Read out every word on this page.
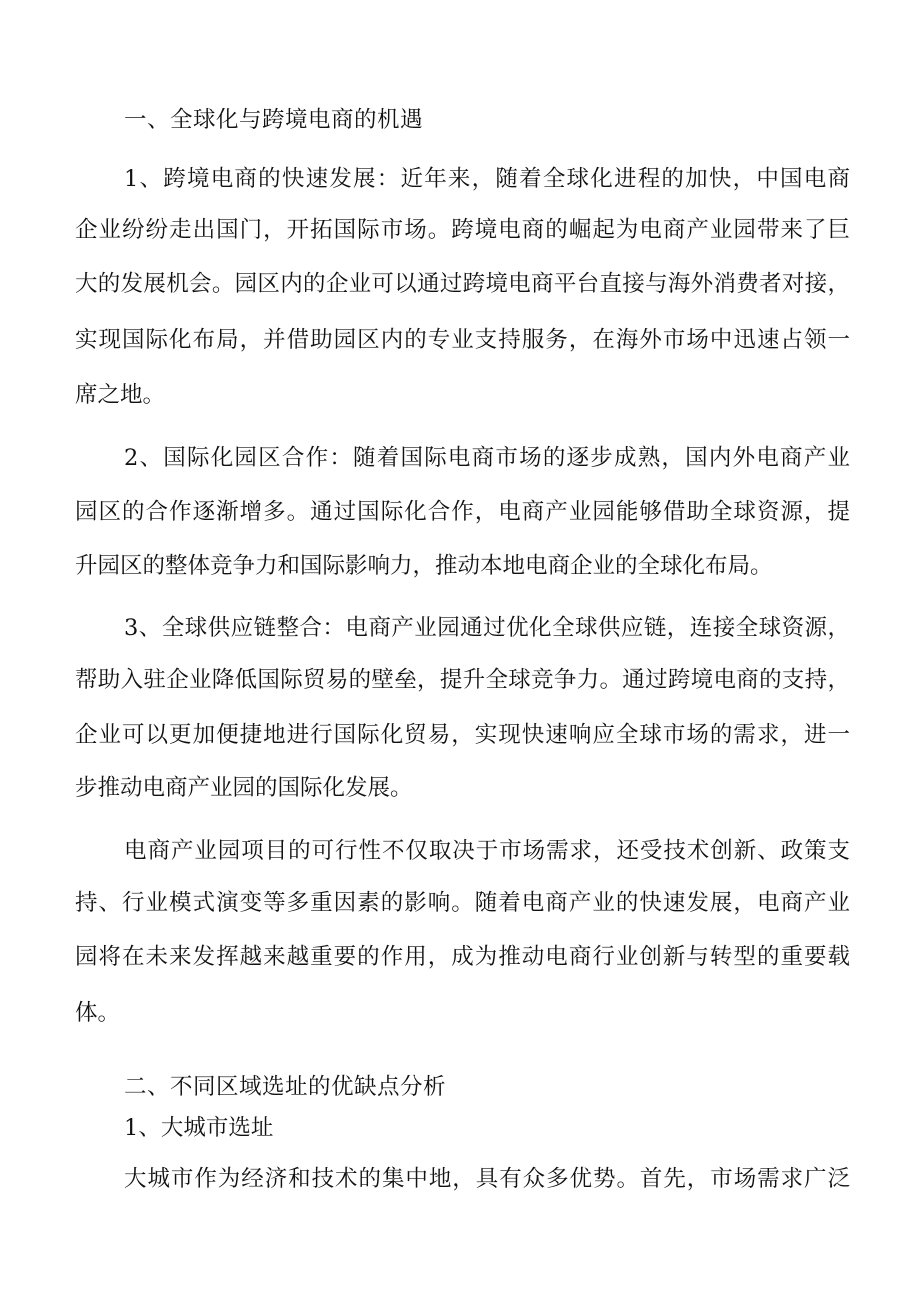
一、全球化与跨境电商的机遇
1、跨境电商的快速发展：近年来，随着全球化进程的加快，中国电商
企业纷纷走出国门，开拓国际市场。跨境电商的崛起为电商产业园带来了巨
大的发展机会。园区内的企业可以通过跨境电商平台直接与海外消费者对接，
实现国际化布局，并借助园区内的专业支持服务，在海外市场中迅速占领一
席之地。
2、国际化园区合作：随着国际电商市场的逐步成熟，国内外电商产业
园区的合作逐渐增多。通过国际化合作，电商产业园能够借助全球资源，提
升园区的整体竞争力和国际影响力，推动本地电商企业的全球化布局。
3、全球供应链整合：电商产业园通过优化全球供应链，连接全球资源，
帮助入驻企业降低国际贸易的壁垒，提升全球竞争力。通过跨境电商的支持，
企业可以更加便捷地进行国际化贸易，实现快速响应全球市场的需求，进一
步推动电商产业园的国际化发展。
电商产业园项目的可行性不仅取决于市场需求，还受技术创新、政策支
持、行业模式演变等多重因素的影响。随着电商产业的快速发展，电商产业
园将在未来发挥越来越重要的作用，成为推动电商行业创新与转型的重要载
体。
二、不同区域选址的优缺点分析
1、大城市选址
大城市作为经济和技术的集中地，具有众多优势。首先，市场需求广泛
